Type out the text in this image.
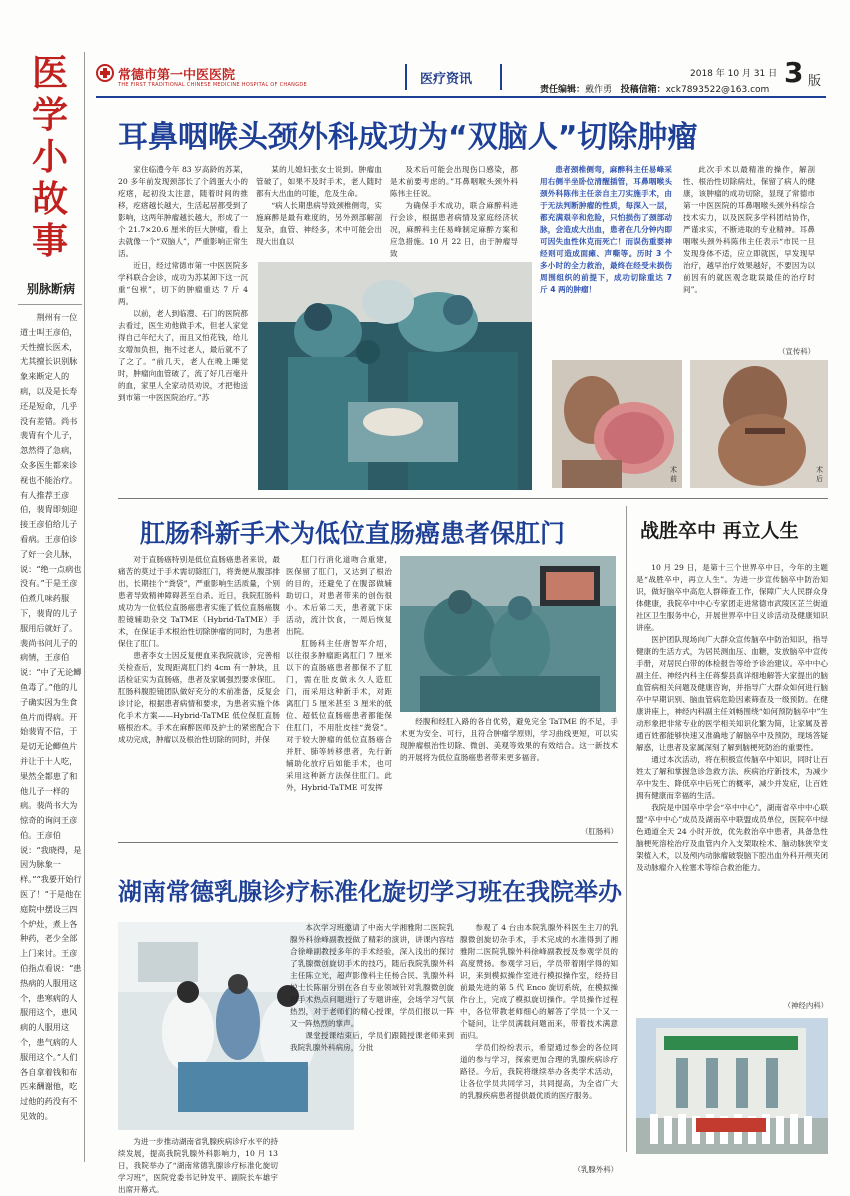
常德市第一中医医院
THE FIRST TRADITIONAL CHINESE MEDICINE HOSPITAL OF CHANGDE	医疗资讯	2018 年 10 月 31 日 3 版
责任编辑：戴作勇 投稿信箱：xck7893522@163.com
医学小故事
别脉断病

荆州有一位道士叫王彦伯，天性擅长医术，尤其擅长识别脉象来断定人的病，以及是长寿还是短命，几乎没有差错。尚书裴胄有个儿子，忽然得了急病，众多医生都来诊视也不能治疗。有人推荐王彦伯，裴胄即刻迎接王彦伯给儿子看病。王彦伯诊了好一会儿脉，说：“绝一点病也没有。”于是王彦伯煮几味药服下，裴胄的儿子服用后就好了。裴尚书问儿子的病情，王彦伯说：“中了无论鲫鱼毒了。”他的儿子确实因为生食鱼片而得病。开始裴胄不信，于是切无论鲫鱼片并让于十人吃，果然全都患了和他儿子一样的病。裴尚书大为惊奇的询问王彦伯。王彦伯说：“我晓得，是因为脉象一样。”“我要开始行医了！”于是他在庭院中摆设三四个炉灶，煮上各种药，老少全部上门来讨。王彦伯指点看说：“患热病的人服用这个，患寒病的人服用这个，患风病的人服用这个，患气病的人服用这个。”人们各自拿着钱和布匹来酬谢他，吃过他的药没有不见效的。

耳鼻咽喉头颈外科成功为“双脑人”切除肿瘤

家住临澧今年 83 岁高龄的苏某，20 多年前发现颈部长了个鸽蛋大小的疙瘩，起初没太注意，随着时间的推移，疙瘩越长越大，生活起居都受到了影响，这两年肿瘤越长越大，形成了一个 21.7×20.6 厘米的巨大肿瘤，看上去就像一个“双脑人”，严重影响正常生活。

近日，经过常德市第一中医医院多学科联合会诊，成功为苏某卸下这一沉重“包袱”，切下的肿瘤重达 7 斤 4 两。

以前，老人到临澧、石门的医院都去看过，医生劝他做手术，但老人家觉得自己年纪大了，而且又怕花钱，给儿女增加负担，拖不过老人，最后就不了了之了。“前几天，老人在晚上睡觉时，肿瘤向血管破了，流了好几百毫升的血，家里人全家动员劝说，才把他送到市第一中医医院治疗。”苏

某的儿媳妇张女士说到。肿瘤血管破了，如果不及时手术，老人随时都有大出血的可能，危及生命。

“病人长期患病导致颈椎侧弯，实施麻醉是最有难度的，另外颈部解剖复杂，血管、神经多，术中可能会出现大出血以

及术后可能会出现伤口感染，都是术前要考虑的。”耳鼻咽喉头颈外科陈伟主任说。

为确保手术成功，联合麻醉科进行会诊，根据患者病情及家庭经济状况，麻醉科主任易峰制定麻醉方案和应急措施。10 月 22 日，由于肿瘤导致

患者颈椎侧弯，麻醉科主任易峰采用右侧半坐卧位清醒插管，耳鼻咽喉头颈外科陈伟主任亲自主刀实施手术，由于无法判断肿瘤的性质，每深入一层，都充满艰辛和危险，只怕损伤了颈部动脉，会造成大出血，患者在几分钟内即可因失血性休克而死亡！而误伤重要神经则可造成面瘫、声嘶等。历时 3 个多小时的全力救治，最终在经受未损伤周围组织的前提下，成功切除重达 7 斤 4 两的肿瘤！

此次手术以最精准的操作，解剖性、根治性切除病灶，保留了病人的健康，该肿瘤的成功切除，显现了常德市第一中医医院的耳鼻咽喉头颈外科综合技术实力，以及医院多学科团结协作，严谨求实，不断进取的专业精神。耳鼻咽喉头颈外科陈伟主任表示“市民一旦发现身体不适，应立即就医，早发现早治疗，越早治疗效果越好，不要因为以前因有的就医观念耽误最佳的治疗时间”。

（宣传科）
术前
术后
肛肠科新手术为低位直肠癌患者保肛门

对于直肠癌特别是低位直肠癌患者来说，最痛苦的莫过于手术需切除肛门，将粪便从腹部排出，长期挂个“粪袋”，严重影响生活质量，个别患者导致精神障碍甚至自杀。近日，我院肛肠科成功为一位低位直肠癌患者实施了低位直肠癌腹腔镜辅助杂交 TaTME（Hybrid-TaTME）手术，在保证手术根治性切除肿瘤的同时，为患者保住了肛门。

患者李女士因反复便血来我院就诊，完善相关检查后，发现距离肛门约 4cm 有一肿块，且活检证实为直肠癌，患者及家属强烈要求保肛。肛肠科腹腔镜团队做好充分的术前准备，反复会诊讨论，根据患者病情和要求，为患者实施个体化手术方案——Hybrid-TaTME 低位保肛直肠癌根治术。手术在麻醉医师及护士的紧密配合下成功完成，肿瘤以及根治性切除的同时，并保

肛门行消化道吻合重建，医保留了肛门，又达到了根治的目的，还避免了在腹部做辅助切口，对患者带来的创伤很小。术后第二天，患者就下床活动，流汁饮食，一周后恢复出院。

肛肠科主任唐智军介绍，以往很多肿瘤距离肛门 7 厘米以下的直肠癌患者都保不了肛门，需在肚皮做永久人造肛门，而采用这种新手术，对距离肛门 5 厘米甚至 3 厘米的低位、超低位直肠癌患者都能保住肛门，不用肚皮挂“粪袋”。对于较大肿瘤的低位直肠癌合并肝、肺等转移患者，先行新辅助化放疗后如能手术，也可采用这种新方法保住肛门。此外，Hybrid-TaTME 可发挥

经腹和经肛入路的各自优势，避免完全 TaTME 的不足，手术更为安全、可行，且符合肿瘤学原则，学习曲线更短，可以实现肿瘤根治性切除、微创、美观等效果的有效结合。这一新技术的开展将为低位直肠癌患者带来更多福音。

（肛肠科）
战胜卒中 再立人生

10 月 29 日，是第十三个世界卒中日，今年的主题是“战胜卒中，再立人生”。为进一步宣传脑卒中防治知识，做好脑卒中高危人群筛查工作，保障广大人民群众身体健康，我院卒中中心专家团走进常德市武陵区芷兰街道社区卫生服务中心，开展世界卒中日义诊活动及健康知识讲座。

医护团队现场向广大群众宣传脑卒中防治知识，指导健康的生活方式，为居民测血压、血糖，发放脑卒中宣传手册，对居民白带的体检报告等给予诊治建议。卒中中心副主任、神经内科主任蒋黎县真详细地解答大家提出的脑血管病相关问题及健康咨询，并指导广大群众如何进行脑卒中早期识别、脑血管病危险因素筛查及一级预防。在健康讲座上，神经内科副主任刘畅围绕“如何预防脑卒中”生动形象把非常专业的医学相关知识化繁为简，让家属及普通百姓都能够快速又准确地了解脑卒中及预防，现场答疑解惑，让患者及家属深刻了解到脑梗死防治的重要性。

通过本次活动，将在积极宣传脑卒中知识，同时让百姓太了解和掌握急诊急救方法、疾病治疗新技术，为减少卒中发生、降低卒中后死亡的概率，减少并发症，让百姓拥有健康而幸福的生活。

我院是中国卒中学会“卒中中心”，湖南省卒中中心联盟“卒中中心”成员及湖南卒中联盟成员单位，医院卒中绿色通道全天 24 小时开放，优先救治卒中患者，具备急性脑梗死溶栓治疗及血管内介入支架取栓术、脑动脉狭窄支架植入术，以及颅内动脉瘤破裂脑下腔出血外科开颅夹闭及动脉瘤介入栓塞术等综合救治能力。

（神经内科）
湖南常德乳腺诊疗标准化旋切学习班在我院举办

为进一步推动湖南省乳腺疾病诊疗水平的持续发展，提高我院乳腺外科影响力，10 月 13 日，我院举办了“湖南常德乳腺诊疗标准化旋切学习班”，医院党委书记钟发平、副院长车雄宇出席开幕式。

本次学习班邀请了中南大学湘雅附二医院乳腺外科徐峰副教授做了精彩的演讲，讲课内容结合徐峰副教授多年的手术经验，深入浅出的探讨了乳腺微创旋切手术的技巧，随后我院乳腺外科主任陈立光，超声影像科主任杨合民、乳腺外科护士长陈丽分别在各自专业领域针对乳腺微创旋切手术热点问题进行了专题讲座，会场学习气氛热烈，对于老师们的精心授课，学员们报以一阵又一阵热烈的掌声。

课堂授课结束后，学员们跟随授课老师来到我院乳腺外科病房，分批

参观了 4 台由本院乳腺外科医生主刀的乳腺微创旋切杂手术，手术完成的水准得到了湘雅附二医院乳腺外科徐峰副教授及参观学员的高度赞扬。参观学习后，学员带着刚学得的知识，来到模拟操作室进行模拟操作室，经持目前最先进的第 5 代 Enco 旋切系统，在模拟操作台上，完成了模拟旋切操作。学员操作过程中，各位带教老师细心的解答了学员一个又一个疑问，让学员满载问题而来，带着技术满意而归。

学员们纷纷表示，希望通过参会的各位同道的参与学习，探索更加合理的乳腺疾病诊疗路径。今后，我院将继续举办各类学术活动，让各位学员共同学习，共同提高，为全省广大的乳腺疾病患者提供最优质的医疗服务。

（乳腺外科）
